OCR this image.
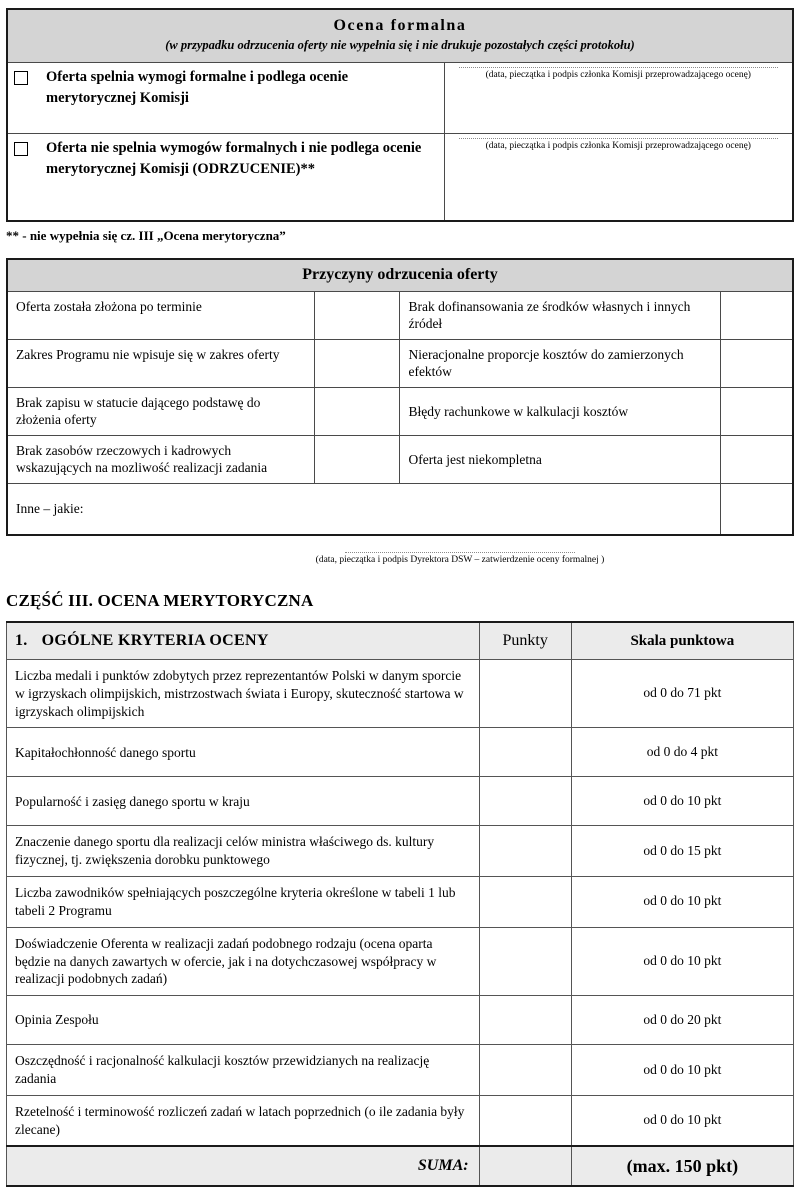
Ocena formalna
(w przypadku odrzucenia oferty nie wypełnia się i nie drukuje pozostałych części protokołu)	

Oferta spelnia wymogi formalne i podlega ocenie merytorycznej Komisji	(data, pieczątka i podpis członka Komisji przeprowadzającego ocenę)

Oferta nie spelnia wymogów formalnych i nie podlega ocenie merytorycznej Komisji (ODRZUCENIE)**	(data, pieczątka i podpis członka Komisji przeprowadzającego ocenę)
** - nie wypełnia się cz. III „Ocena merytoryczna”
Przyczyny odrzucenia oferty			
Oferta została złożona po terminie		Brak dofinansowania ze środków własnych i innych źródeł	
Zakres Programu nie wpisuje się w zakres oferty		Nieracjonalne proporcje kosztów do zamierzonych efektów	
Brak zapisu w statucie dającego podstawę do złożenia oferty		Błędy rachunkowe w kalkulacji kosztów	
Brak zasobów rzeczowych i kadrowych wskazujących na mozliwość realizacji zadania		Oferta jest niekompletna	
Inne – jakie:			
(data, pieczątka i podpis Dyrektora DSW – zatwierdzenie oceny formalnej )
CZĘŚĆ III. OCENA MERYTORYCZNA
1. OGÓLNE KRYTERIA OCENY	Punkty	Skala punktowa
Liczba medali i punktów zdobytych przez reprezentantów Polski w danym sporcie w igrzyskach olimpijskich, mistrzostwach świata i Europy, skuteczność startowa w igrzyskach olimpijskich		od 0 do 71 pkt
Kapitałochłonność danego sportu		od 0 do 4 pkt
Popularność i zasięg danego sportu w kraju		od 0 do 10 pkt
Znaczenie danego sportu dla realizacji celów ministra właściwego ds. kultury fizycznej, tj. zwiększenia dorobku punktowego		od 0 do 15 pkt
Liczba zawodników spełniających poszczególne kryteria określone w tabeli 1 lub tabeli 2 Programu		od 0 do 10 pkt
Doświadczenie Oferenta w realizacji zadań podobnego rodzaju (ocena oparta będzie na danych zawartych w ofercie, jak i na dotychczasowej współpracy w realizacji podobnych zadań)		od 0 do 10 pkt
Opinia Zespołu		od 0 do 20 pkt
Oszczędność i racjonalność kalkulacji kosztów przewidzianych na realizację zadania		od 0 do 10 pkt
Rzetelność i terminowość rozliczeń zadań w latach poprzednich (o ile zadania były zlecane)		od 0 do 10 pkt
SUMA:		(max. 150 pkt)
